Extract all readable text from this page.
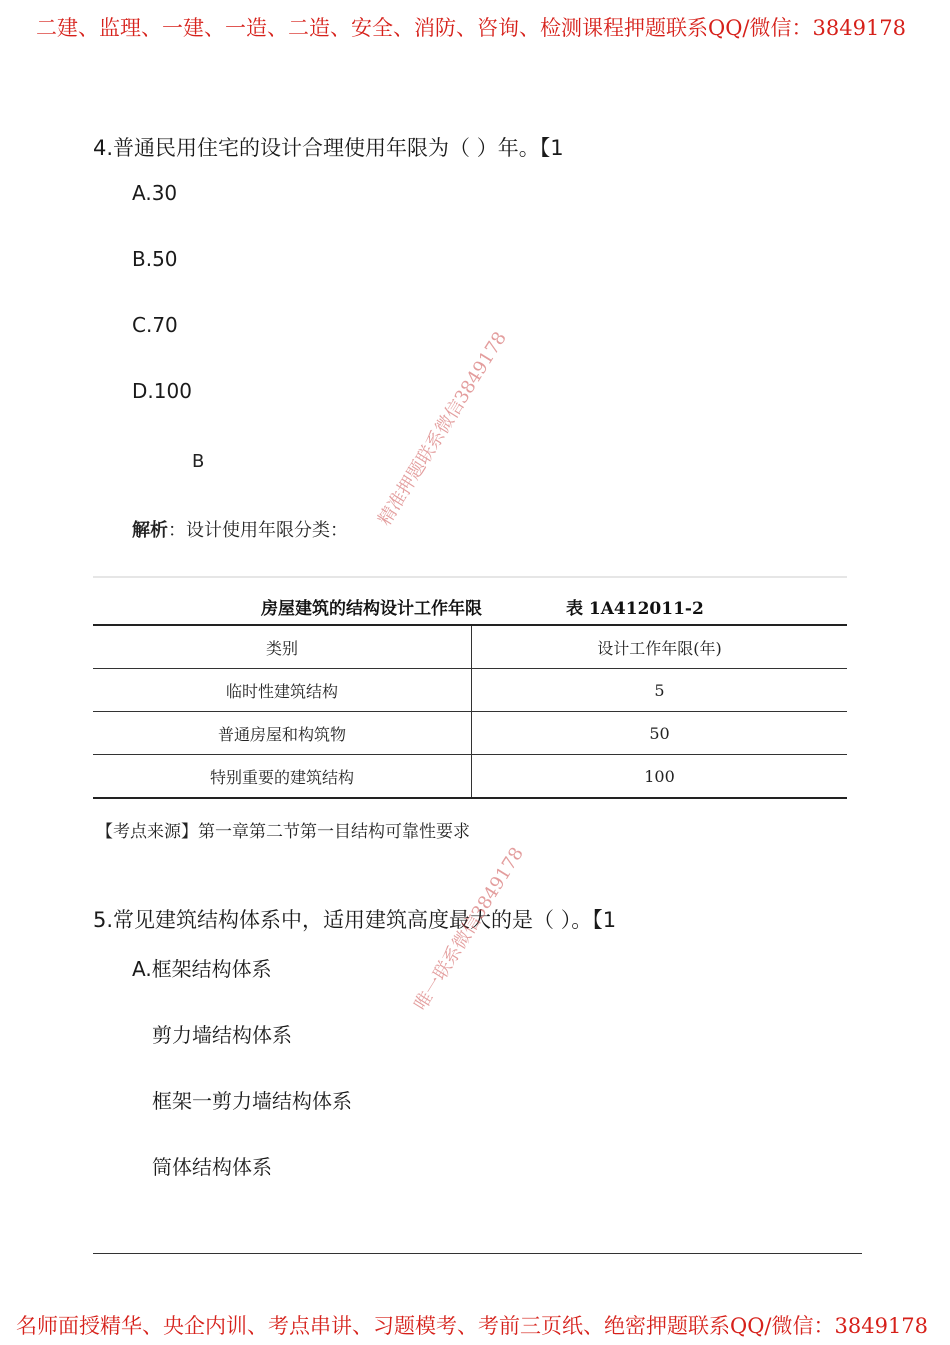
二建、监理、一建、一造、二造、安全、消防、咨询、检测课程押题联系QQ/微信：3849178
4.普通民用住宅的设计合理使用年限为（ ）年。【1
A.30
B.50
C.70
D.100
B
解析：设计使用年限分类：
房屋建筑的结构设计工作年限	表 1A412011-2
类别	设计工作年限(年)
临时性建筑结构	5
普通房屋和构筑物	50
特别重要的建筑结构	100
【考点来源】第一章第二节第一目结构可靠性要求
5.常见建筑结构体系中，适用建筑高度最大的是（ ）。【1
A.框架结构体系
剪力墙结构体系
框架一剪力墙结构体系
筒体结构体系
精准押题联系微信3849178
唯一联系微信3849178
名师面授精华、央企内训、考点串讲、习题模考、考前三页纸、绝密押题联系QQ/微信：3849178
